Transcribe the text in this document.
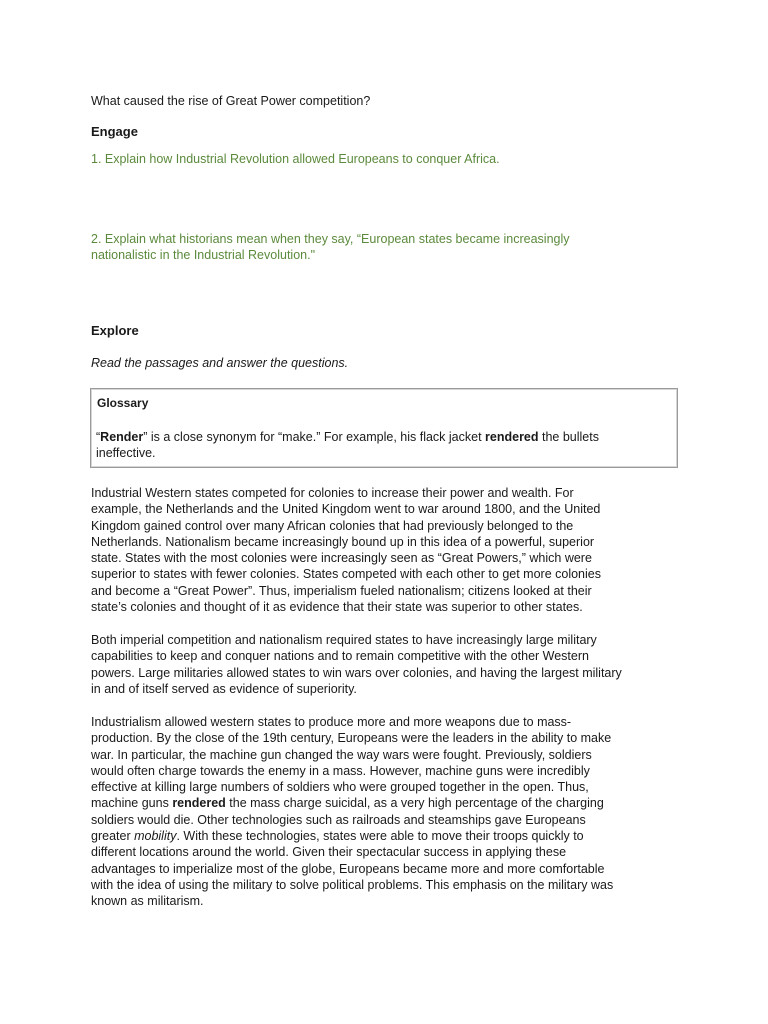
What caused the rise of Great Power competition?

Engage

1. Explain how Industrial Revolution allowed Europeans to conquer Africa.

2. Explain what historians mean when they say, “European states became increasingly
nationalistic in the Industrial Revolution."

Explore

Read the passages and answer the questions.

Glossary
“Render” is a close synonym for “make.” For example, his flack jacket rendered the bullets
ineffective.
Industrial Western states competed for colonies to increase their power and wealth. For
example, the Netherlands and the United Kingdom went to war around 1800, and the United
Kingdom gained control over many African colonies that had previously belonged to the
Netherlands. Nationalism became increasingly bound up in this idea of a powerful, superior
state. States with the most colonies were increasingly seen as “Great Powers,” which were
superior to states with fewer colonies. States competed with each other to get more colonies
and become a “Great Power”. Thus, imperialism fueled nationalism; citizens looked at their
state’s colonies and thought of it as evidence that their state was superior to other states.
Both imperial competition and nationalism required states to have increasingly large military
capabilities to keep and conquer nations and to remain competitive with the other Western
powers. Large militaries allowed states to win wars over colonies, and having the largest military
in and of itself served as evidence of superiority.
Industrialism allowed western states to produce more and more weapons due to mass-
production. By the close of the 19th century, Europeans were the leaders in the ability to make
war. In particular, the machine gun changed the way wars were fought. Previously, soldiers
would often charge towards the enemy in a mass. However, machine guns were incredibly
effective at killing large numbers of soldiers who were grouped together in the open. Thus,
machine guns rendered the mass charge suicidal, as a very high percentage of the charging
soldiers would die. Other technologies such as railroads and steamships gave Europeans
greater mobility. With these technologies, states were able to move their troops quickly to
different locations around the world. Given their spectacular success in applying these
advantages to imperialize most of the globe, Europeans became more and more comfortable
with the idea of using the military to solve political problems. This emphasis on the military was
known as militarism.
